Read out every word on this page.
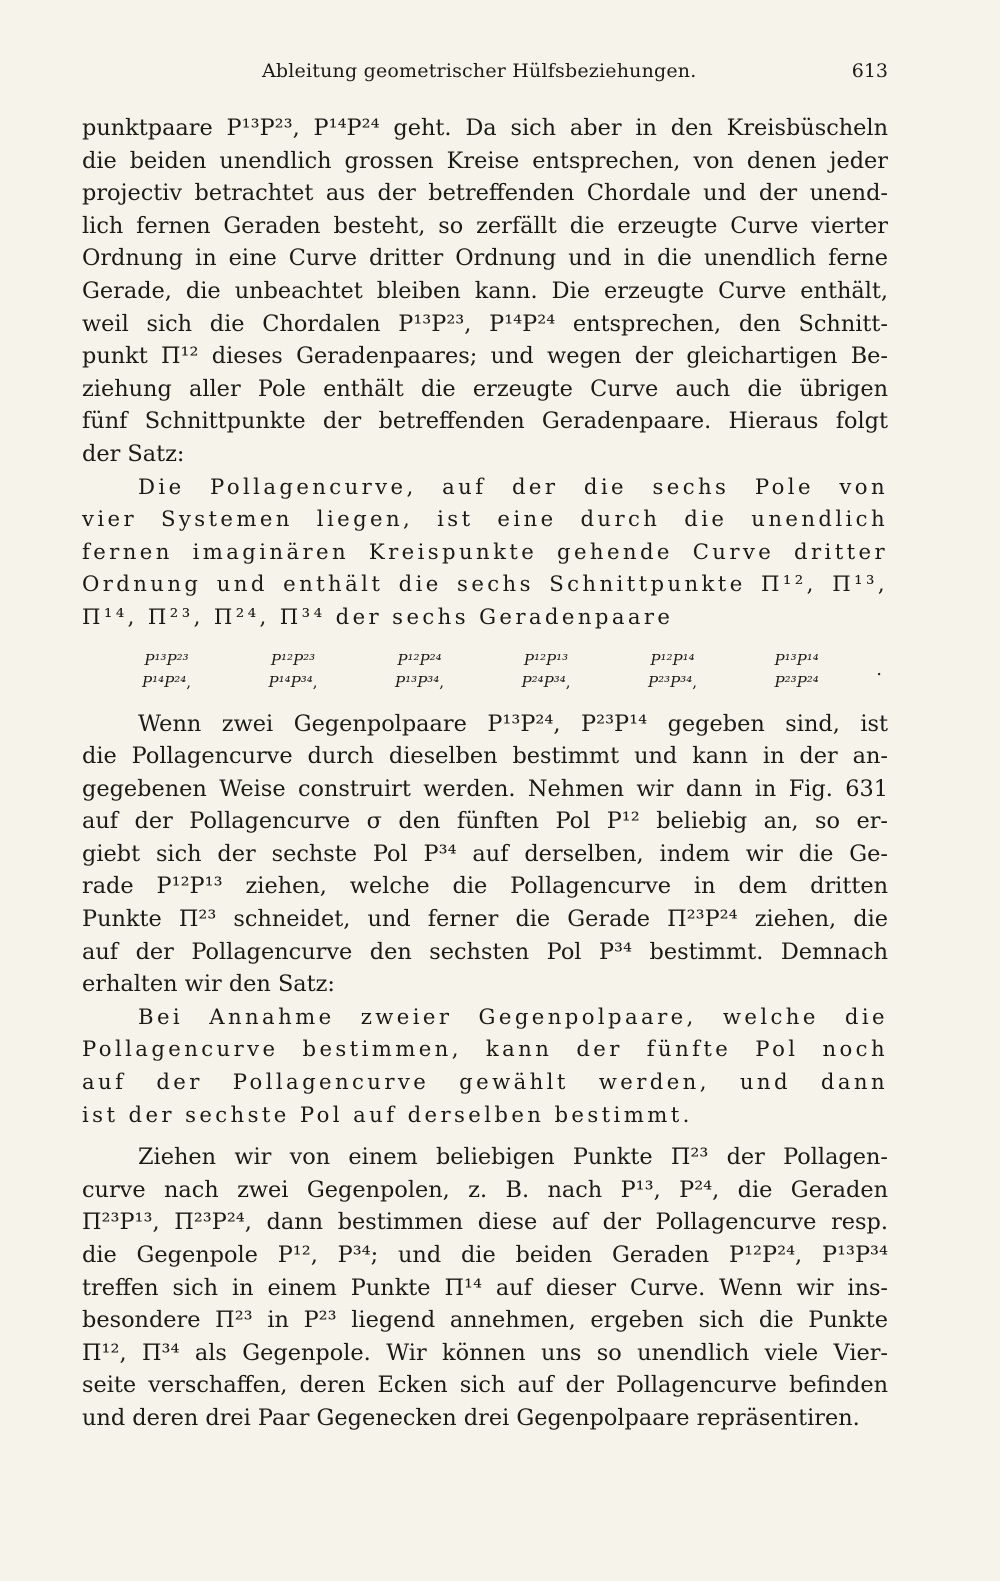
Ableitung geometrischer Hülfsbeziehungen.	613
punktpaare P¹³P²³, P¹⁴P²⁴ geht. Da sich aber in den Kreisbüscheln
die beiden unendlich grossen Kreise entsprechen, von denen jeder
projectiv betrachtet aus der betreffenden Chordale und der unend-
lich fernen Geraden besteht, so zerfällt die erzeugte Curve vierter
Ordnung in eine Curve dritter Ordnung und in die unendlich ferne
Gerade, die unbeachtet bleiben kann. Die erzeugte Curve enthält,
weil sich die Chordalen P¹³P²³, P¹⁴P²⁴ entsprechen, den Schnitt-
punkt Π¹² dieses Geradenpaares; und wegen der gleichartigen Be-
ziehung aller Pole enthält die erzeugte Curve auch die übrigen
fünf Schnittpunkte der betreffenden Geradenpaare. Hieraus folgt
der Satz:
Die Pollagencurve, auf der die sechs Pole von
vier Systemen liegen, ist eine durch die unendlich
fernen imaginären Kreispunkte gehende Curve dritter
Ordnung und enthält die sechs Schnittpunkte Π¹², Π¹³,
Π¹⁴, Π²³, Π²⁴, Π³⁴ der sechs Geradenpaare
P¹³P²³
P¹⁴P²⁴,
P¹²P²³
P¹⁴P³⁴,
P¹²P²⁴
P¹³P³⁴,
P¹²P¹³
P²⁴P³⁴,
P¹²P¹⁴
P²³P³⁴,
P¹³P¹⁴
P²³P²⁴
.
Wenn zwei Gegenpolpaare P¹³P²⁴, P²³P¹⁴ gegeben sind, ist
die Pollagencurve durch dieselben bestimmt und kann in der an-
gegebenen Weise construirt werden. Nehmen wir dann in Fig. 631
auf der Pollagencurve σ den fünften Pol P¹² beliebig an, so er-
giebt sich der sechste Pol P³⁴ auf derselben, indem wir die Ge-
rade P¹²P¹³ ziehen, welche die Pollagencurve in dem dritten
Punkte Π²³ schneidet, und ferner die Gerade Π²³P²⁴ ziehen, die
auf der Pollagencurve den sechsten Pol P³⁴ bestimmt. Demnach
erhalten wir den Satz:
Bei Annahme zweier Gegenpolpaare, welche die
Pollagencurve bestimmen, kann der fünfte Pol noch
auf der Pollagencurve gewählt werden, und dann
ist der sechste Pol auf derselben bestimmt.
Ziehen wir von einem beliebigen Punkte Π²³ der Pollagen-
curve nach zwei Gegenpolen, z. B. nach P¹³, P²⁴, die Geraden
Π²³P¹³, Π²³P²⁴, dann bestimmen diese auf der Pollagencurve resp.
die Gegenpole P¹², P³⁴; und die beiden Geraden P¹²P²⁴, P¹³P³⁴
treffen sich in einem Punkte Π¹⁴ auf dieser Curve. Wenn wir ins-
besondere Π²³ in P²³ liegend annehmen, ergeben sich die Punkte
Π¹², Π³⁴ als Gegenpole. Wir können uns so unendlich viele Vier-
seite verschaffen, deren Ecken sich auf der Pollagencurve befinden
und deren drei Paar Gegenecken drei Gegenpolpaare repräsentiren.
